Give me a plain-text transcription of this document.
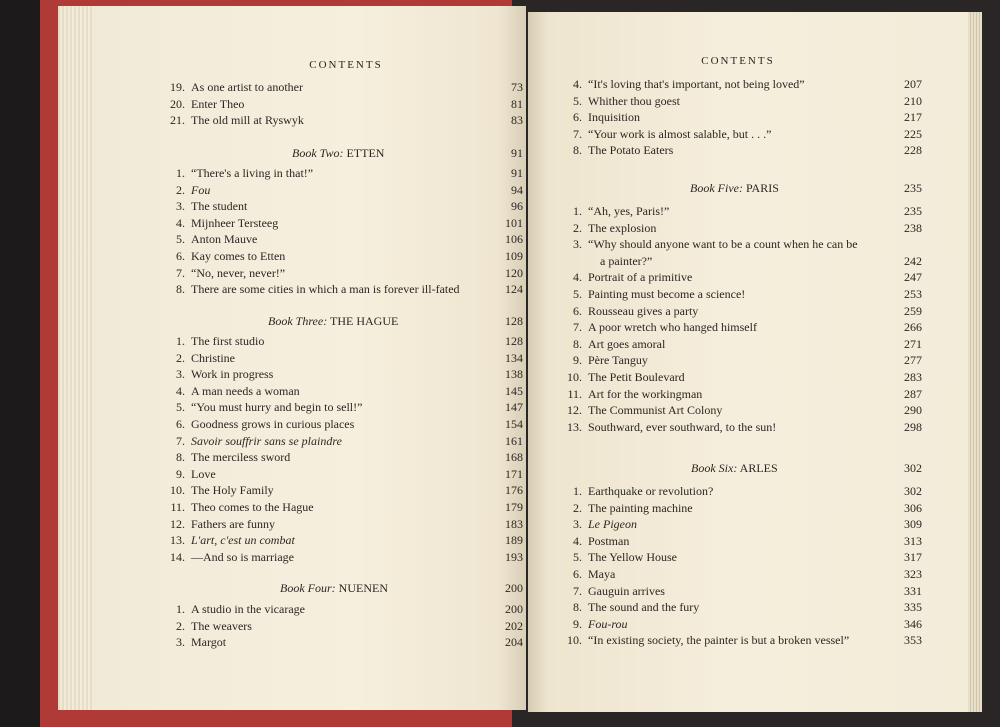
CONTENTS	CONTENTS
19. As one artist to another	73
20. Enter Theo	81
21. The old mill at Ryswyk	83
Book Two: ETTEN	91
1. “There's a living in that!”	91
2. Fou	94
3. The student	96
4. Mijnheer Tersteeg	101
5. Anton Mauve	106
6. Kay comes to Etten	109
7. “No, never, never!”	120
8. There are some cities in which a man is forever ill-fated	124
Book Three: THE HAGUE	128
1. The first studio	128
2. Christine	134
3. Work in progress	138
4. A man needs a woman	145
5. “You must hurry and begin to sell!”	147
6. Goodness grows in curious places	154
7. Savoir souffrir sans se plaindre	161
8. The merciless sword	168
9. Love	171
10. The Holy Family	176
11. Theo comes to the Hague	179
12. Fathers are funny	183
13. L'art, c'est un combat	189
14. —And so is marriage	193
Book Four: NUENEN	200
1. A studio in the vicarage	200
2. The weavers	202
3. Margot	204
4. “It's loving that's important, not being loved”	207
5. Whither thou goest	210
6. Inquisition	217
7. “Your work is almost salable, but . . .”	225
8. The Potato Eaters	228
Book Five: PARIS	235
1. “Ah, yes, Paris!”	235
2. The explosion	238
3. “Why should anyone want to be a count when he can be
a painter?”	242
4. Portrait of a primitive	247
5. Painting must become a science!	253
6. Rousseau gives a party	259
7. A poor wretch who hanged himself	266
8. Art goes amoral	271
9. Père Tanguy	277
10. The Petit Boulevard	283
11. Art for the workingman	287
12. The Communist Art Colony	290
13. Southward, ever southward, to the sun!	298
Book Six: ARLES	302
1. Earthquake or revolution?	302
2. The painting machine	306
3. Le Pigeon	309
4. Postman	313
5. The Yellow House	317
6. Maya	323
7. Gauguin arrives	331
8. The sound and the fury	335
9. Fou-rou	346
10. “In existing society, the painter is but a broken vessel”	353
